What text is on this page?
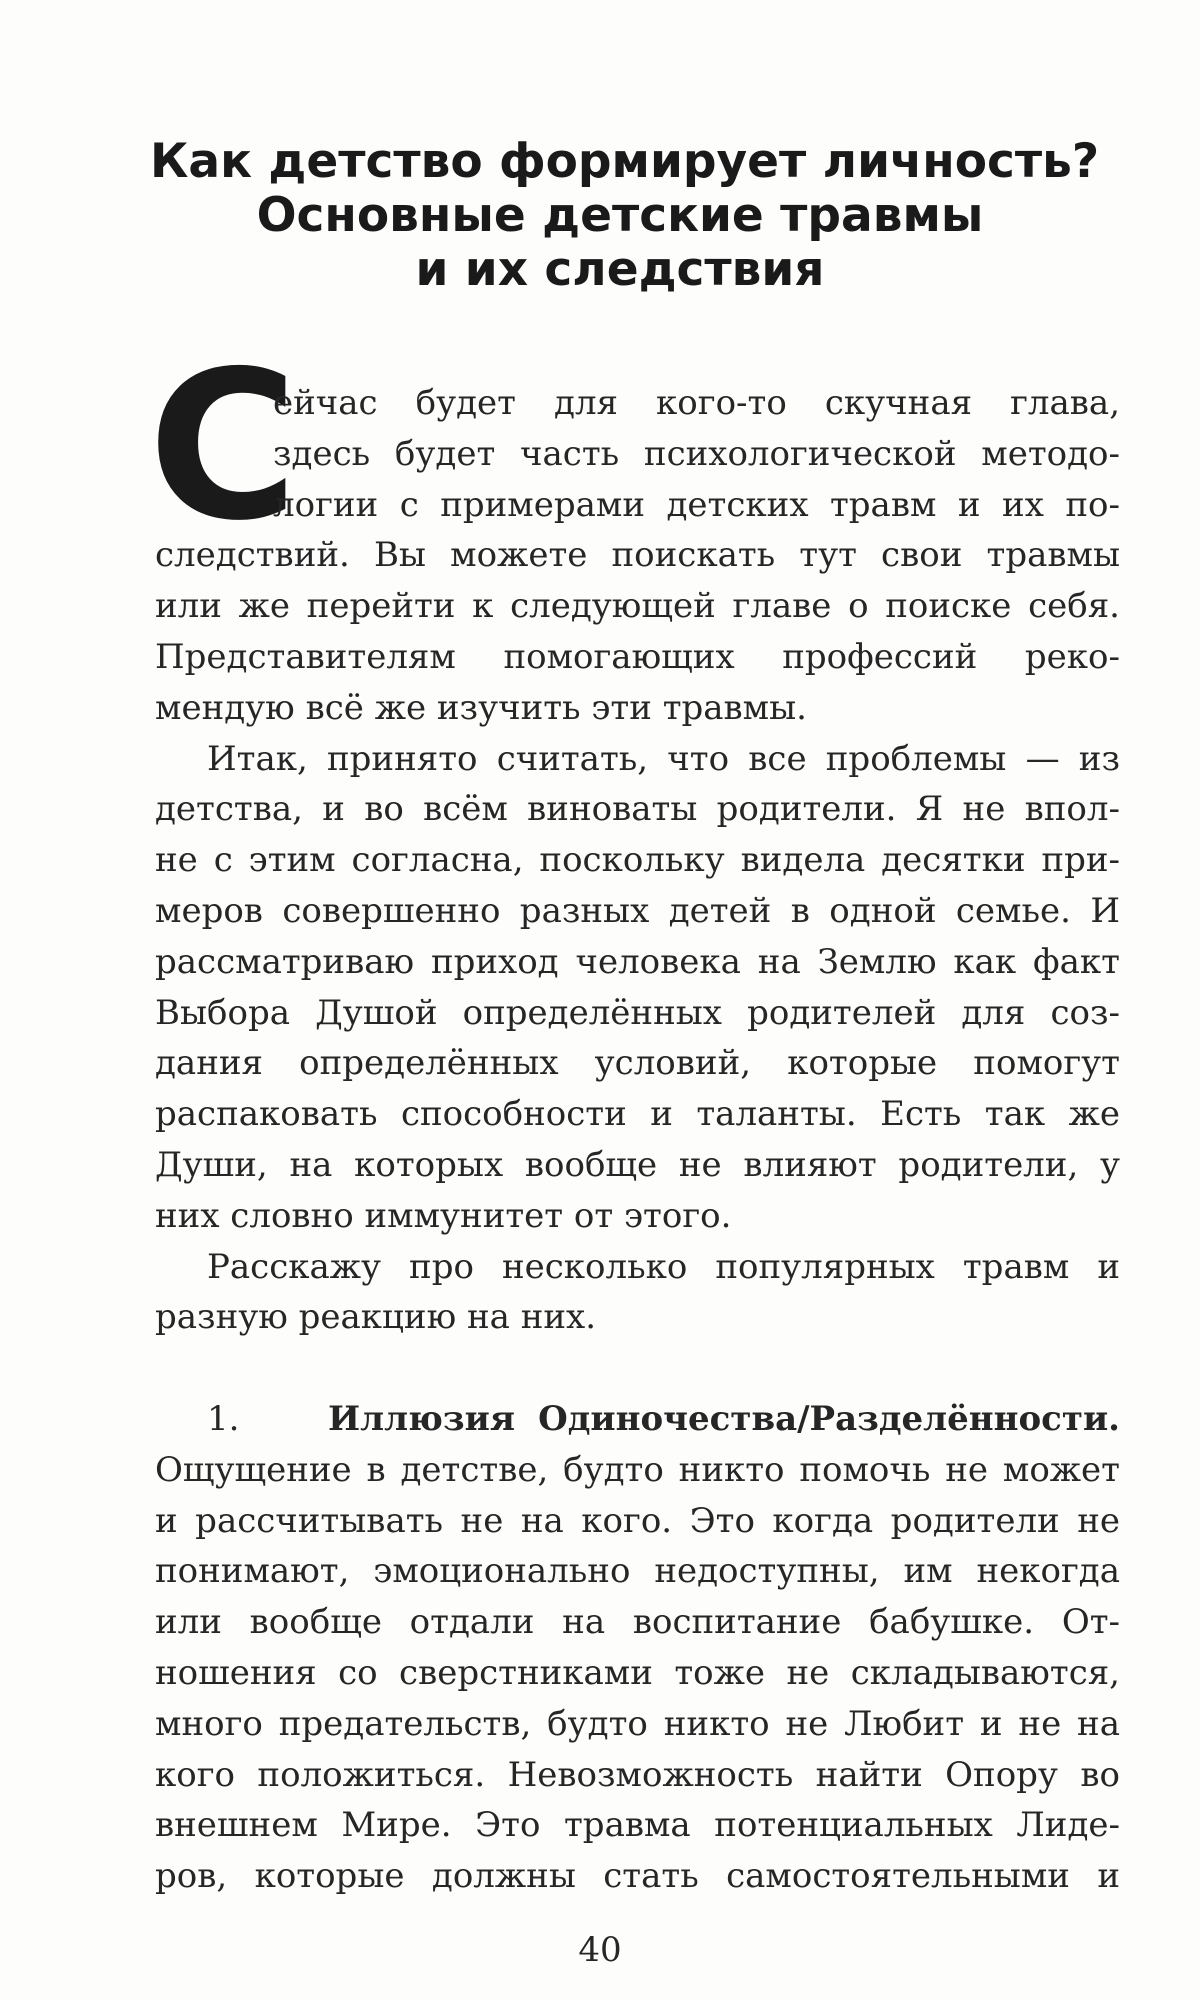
Как детство формирует личность?
Основные детские травмы
и их следствия
С
ейчас будет для кого-то скучная глава,
здесь будет часть психологической методо-
логии с примерами детских травм и их по-
следствий. Вы можете поискать тут свои травмы
или же перейти к следующей главе о поиске себя.
Представителям помогающих профессий реко-
мендую всё же изучить эти травмы.
Итак, принято считать, что все проблемы — из
детства, и во всём виноваты родители. Я не впол-
не с этим согласна, поскольку видела десятки при-
меров совершенно разных детей в одной семье. И
рассматриваю приход человека на Землю как факт
Выбора Душой определённых родителей для соз-
дания определённых условий, которые помогут
распаковать способности и таланты. Есть так же
Души, на которых вообще не влияют родители, у
них словно иммунитет от этого.
Расскажу про несколько популярных травм и
разную реакцию на них.
1.	Иллюзия Одиночества/Разделённости.
Ощущение в детстве, будто никто помочь не может
и рассчитывать не на кого. Это когда родители не
понимают, эмоционально недоступны, им некогда
или вообще отдали на воспитание бабушке. От-
ношения со сверстниками тоже не складываются,
много предательств, будто никто не Любит и не на
кого положиться. Невозможность найти Опору во
внешнем Мире. Это травма потенциальных Лиде-
ров, которые должны стать самостоятельными и
40
